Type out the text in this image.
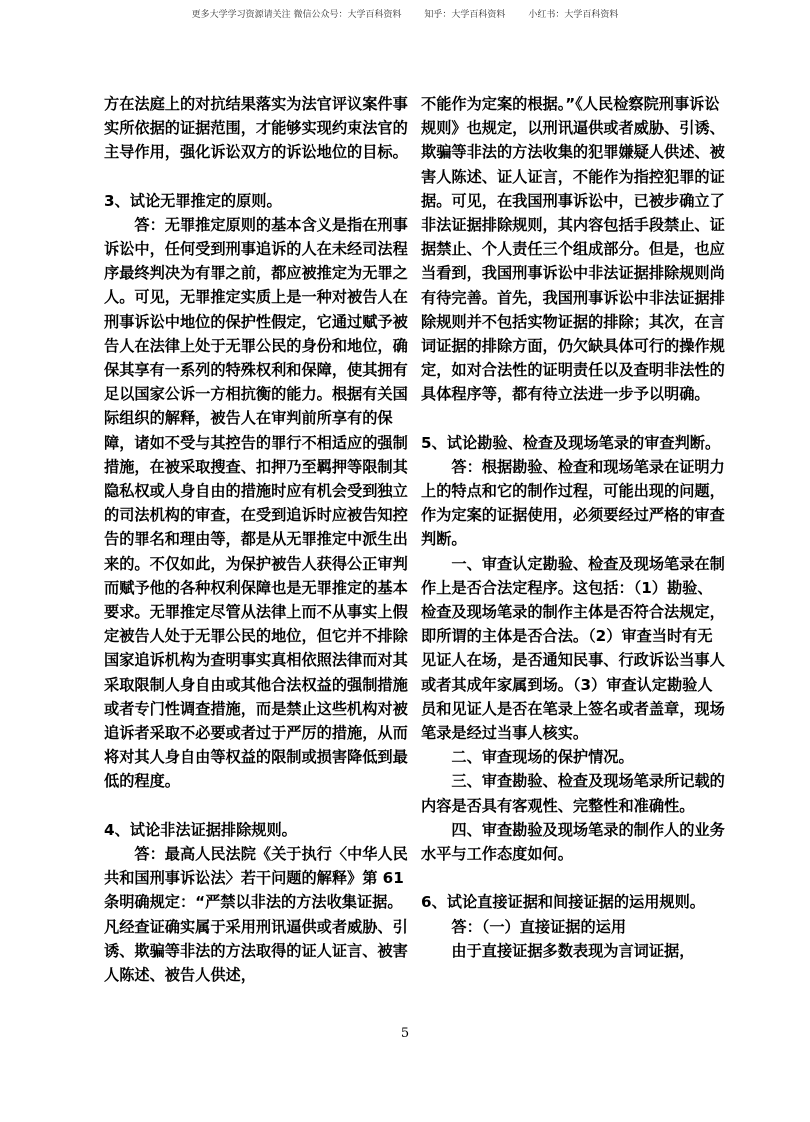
更多大学学习资源请关注 微信公众号：大学百科资料	知乎：大学百科资料	小红书：大学百科资料

方在法庭上的对抗结果落实为法官评议案件事实所依据的证据范围，才能够实现约束法官的主导作用，强化诉讼双方的诉讼地位的目标。

3、试论无罪推定的原则。

答：无罪推定原则的基本含义是指在刑事诉讼中，任何受到刑事追诉的人在未经司法程序最终判决为有罪之前，都应被推定为无罪之人。可见，无罪推定实质上是一种对被告人在刑事诉讼中地位的保护性假定，它通过赋予被告人在法律上处于无罪公民的身份和地位，确保其享有一系列的特殊权利和保障，使其拥有足以国家公诉一方相抗衡的能力。根据有关国际组织的解释，被告人在审判前所享有的保障，诸如不受与其控告的罪行不相适应的强制措施，在被采取搜查、扣押乃至羁押等限制其隐私权或人身自由的措施时应有机会受到独立的司法机构的审查，在受到追诉时应被告知控告的罪名和理由等，都是从无罪推定中派生出来的。不仅如此，为保护被告人获得公正审判而赋予他的各种权利保障也是无罪推定的基本要求。无罪推定尽管从法律上而不从事实上假定被告人处于无罪公民的地位，但它并不排除国家追诉机构为查明事实真相依照法律而对其采取限制人身自由或其他合法权益的强制措施或者专门性调查措施，而是禁止这些机构对被追诉者采取不必要或者过于严厉的措施，从而将对其人身自由等权益的限制或损害降低到最低的程度。

4、试论非法证据排除规则。

答：最高人民法院《关于执行〈中华人民共和国刑事诉讼法〉若干问题的解释》第 61 条明确规定：“严禁以非法的方法收集证据。凡经查证确实属于采用刑讯逼供或者威胁、引诱、欺骗等非法的方法取得的证人证言、被害人陈述、被告人供述，

不能作为定案的根据。”《人民检察院刑事诉讼规则》也规定，以刑讯逼供或者威胁、引诱、欺骗等非法的方法收集的犯罪嫌疑人供述、被害人陈述、证人证言，不能作为指控犯罪的证据。可见，在我国刑事诉讼中，已被步确立了非法证据排除规则，其内容包括手段禁止、证据禁止、个人责任三个组成部分。但是，也应当看到，我国刑事诉讼中非法证据排除规则尚有待完善。首先，我国刑事诉讼中非法证据排除规则并不包括实物证据的排除；其次，在言词证据的排除方面，仍欠缺具体可行的操作规定，如对合法性的证明责任以及查明非法性的具体程序等，都有待立法进一步予以明确。

5、试论勘验、检查及现场笔录的审查判断。

答：根据勘验、检查和现场笔录在证明力上的特点和它的制作过程，可能出现的问题，作为定案的证据使用，必须要经过严格的审查判断。

一、审查认定勘验、检查及现场笔录在制作上是否合法定程序。这包括：（1）勘验、检查及现场笔录的制作主体是否符合法规定，即所谓的主体是否合法。（2）审查当时有无见证人在场，是否通知民事、行政诉讼当事人或者其成年家属到场。（3）审查认定勘验人员和见证人是否在笔录上签名或者盖章，现场笔录是经过当事人核实。

二、审查现场的保护情况。

三、审查勘验、检查及现场笔录所记载的内容是否具有客观性、完整性和准确性。

四、审查勘验及现场笔录的制作人的业务水平与工作态度如何。

6、试论直接证据和间接证据的运用规则。

答：（一）直接证据的运用

由于直接证据多数表现为言词证据，

5
